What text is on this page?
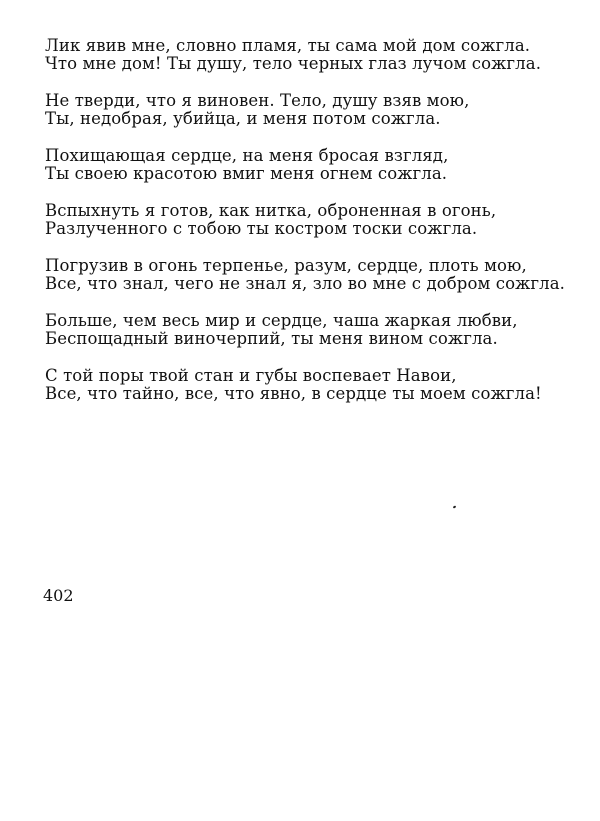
Лик явив мне, словно пламя, ты сама мой дом сожгла.
Что мне дом! Ты душу, тело черных глаз лучом сожгла.
Не тверди, что я виновен. Тело, душу взяв мою,
Ты, недобрая, убийца, и меня потом сожгла.
Похищающая сердце, на меня бросая взгляд,
Ты своею красотою вмиг меня огнем сожгла.
Вспыхнуть я готов, как нитка, оброненная в огонь,
Разлученного с тобою ты костром тоски сожгла.
Погрузив в огонь терпенье, разум, сердце, плоть мою,
Все, что знал, чего не знал я, зло во мне с добром сожгла.
Больше, чем весь мир и сердце, чаша жаркая любви,
Беспощадный виночерпий, ты меня вином сожгла.
С той поры твой стан и губы воспевает Навои,
Все, что тайно, все, что явно, в сердце ты моем сожгла!
402
